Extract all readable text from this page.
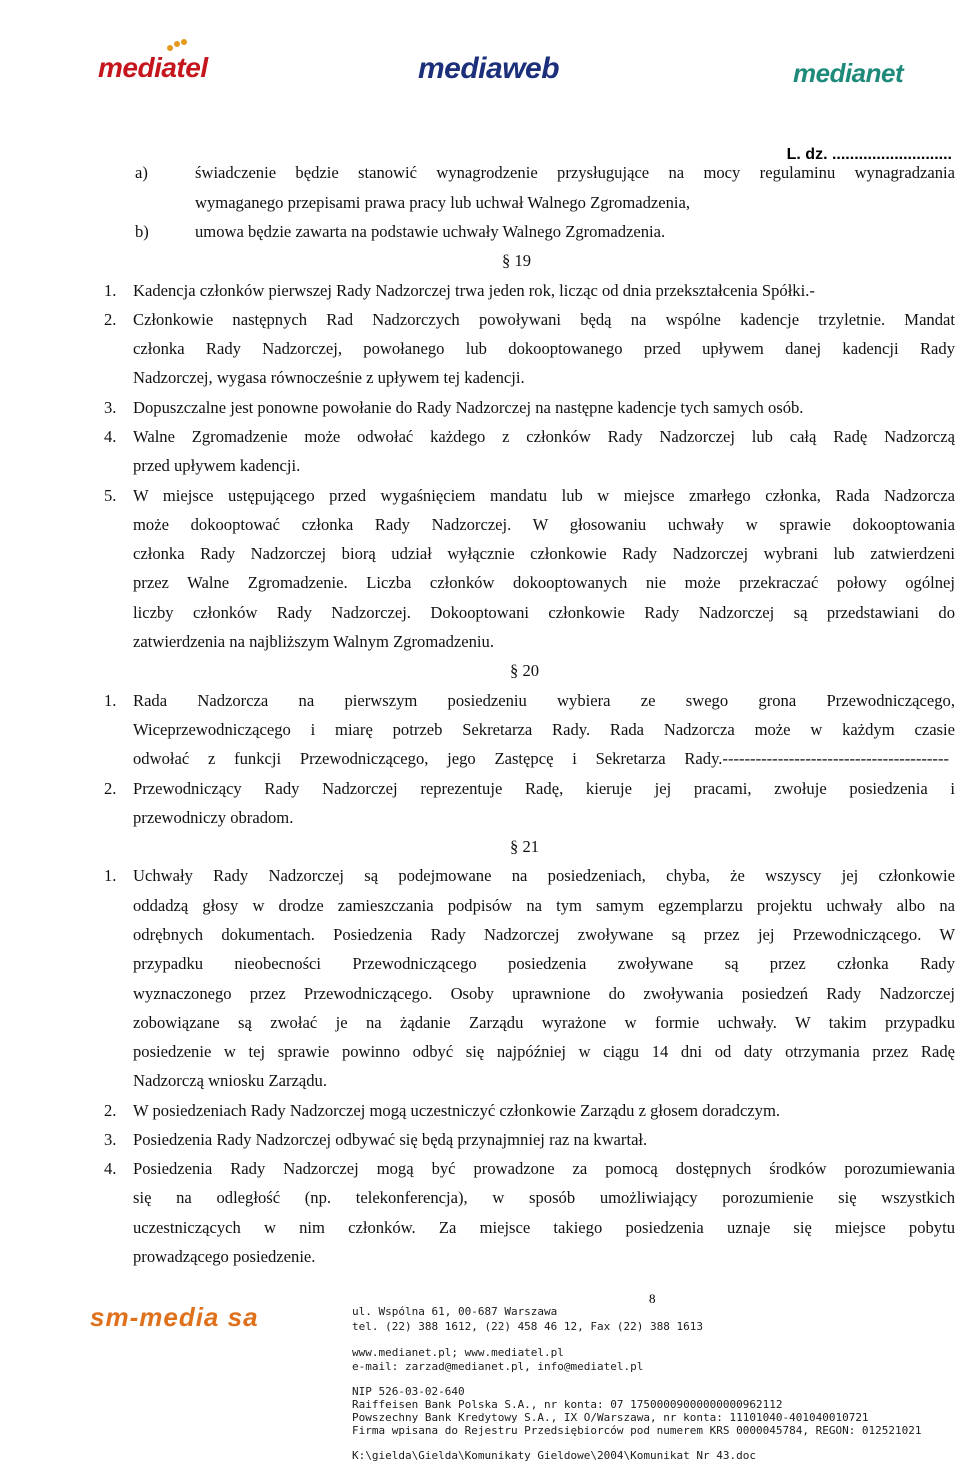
mediatel	mediaweb	medianet
L. dz. ...........................
a)	świadczenie będzie stanowić wynagrodzenie przysługujące na mocy regulaminu wynagradzania
wymaganego przepisami prawa pracy lub uchwał Walnego Zgromadzenia,
b)	umowa będzie zawarta na podstawie uchwały Walnego Zgromadzenia.
§ 19
1. Kadencja członków pierwszej Rady Nadzorczej trwa jeden rok, licząc od dnia przekształcenia Spółki.-
2. Członkowie następnych Rad Nadzorczych powoływani będą na wspólne kadencje trzyletnie. Mandat
członka Rady Nadzorczej, powołanego lub dokooptowanego przed upływem danej kadencji Rady
Nadzorczej, wygasa równocześnie z upływem tej kadencji.
3. Dopuszczalne jest ponowne powołanie do Rady Nadzorczej na następne kadencje tych samych osób.
4. Walne Zgromadzenie może odwołać każdego z członków Rady Nadzorczej lub całą Radę Nadzorczą
przed upływem kadencji.
5. W miejsce ustępującego przed wygaśnięciem mandatu lub w miejsce zmarłego członka, Rada Nadzorcza
może dokooptować członka Rady Nadzorczej. W głosowaniu uchwały w sprawie dokooptowania
członka Rady Nadzorczej biorą udział wyłącznie członkowie Rady Nadzorczej wybrani lub zatwierdzeni
przez Walne Zgromadzenie. Liczba członków dokooptowanych nie może przekraczać połowy ogólnej
liczby członków Rady Nadzorczej. Dokooptowani członkowie Rady Nadzorczej są przedstawiani do
zatwierdzenia na najbliższym Walnym Zgromadzeniu.
§ 20
1. Rada Nadzorcza na pierwszym posiedzeniu wybiera ze swego grona Przewodniczącego,
Wiceprzewodniczącego i miarę potrzeb Sekretarza Rady. Rada Nadzorcza może w każdym czasie
odwołać z funkcji Przewodniczącego, jego Zastępcę i Sekretarza Rady.-----------------------------------------
2. Przewodniczący Rady Nadzorczej reprezentuje Radę, kieruje jej pracami, zwołuje posiedzenia i
przewodniczy obradom.
§ 21
1. Uchwały Rady Nadzorczej są podejmowane na posiedzeniach, chyba, że wszyscy jej członkowie
oddadzą głosy w drodze zamieszczania podpisów na tym samym egzemplarzu projektu uchwały albo na
odrębnych dokumentach. Posiedzenia Rady Nadzorczej zwoływane są przez jej Przewodniczącego. W
przypadku nieobecności Przewodniczącego posiedzenia zwoływane są przez członka Rady
wyznaczonego przez Przewodniczącego. Osoby uprawnione do zwoływania posiedzeń Rady Nadzorczej
zobowiązane są zwołać je na żądanie Zarządu wyrażone w formie uchwały. W takim przypadku
posiedzenie w tej sprawie powinno odbyć się najpóźniej w ciągu 14 dni od daty otrzymania przez Radę
Nadzorczą wniosku Zarządu.
2. W posiedzeniach Rady Nadzorczej mogą uczestniczyć członkowie Zarządu z głosem doradczym.
3. Posiedzenia Rady Nadzorczej odbywać się będą przynajmniej raz na kwartał.
4. Posiedzenia Rady Nadzorczej mogą być prowadzone za pomocą dostępnych środków porozumiewania
się na odległość (np. telekonferencja), w sposób umożliwiający porozumienie się wszystkich
uczestniczących w nim członków. Za miejsce takiego posiedzenia uznaje się miejsce pobytu
prowadzącego posiedzenie.
sm-media sa
8
ul. Wspólna 61, 00-687 Warszawa
tel. (22) 388 1612, (22) 458 46 12, Fax (22) 388 1613
www.medianet.pl; www.mediatel.pl
e-mail: zarzad@medianet.pl, info@mediatel.pl
NIP 526-03-02-640
Raiffeisen Bank Polska S.A., nr konta: 07 17500009000000000962112
Powszechny Bank Kredytowy S.A., IX O/Warszawa, nr konta: 11101040-401040010721
Firma wpisana do Rejestru Przedsiębiorców pod numerem KRS 0000045784, REGON: 012521021
K:\gielda\Gielda\Komunikaty Gieldowe\2004\Komunikat Nr 43.doc
